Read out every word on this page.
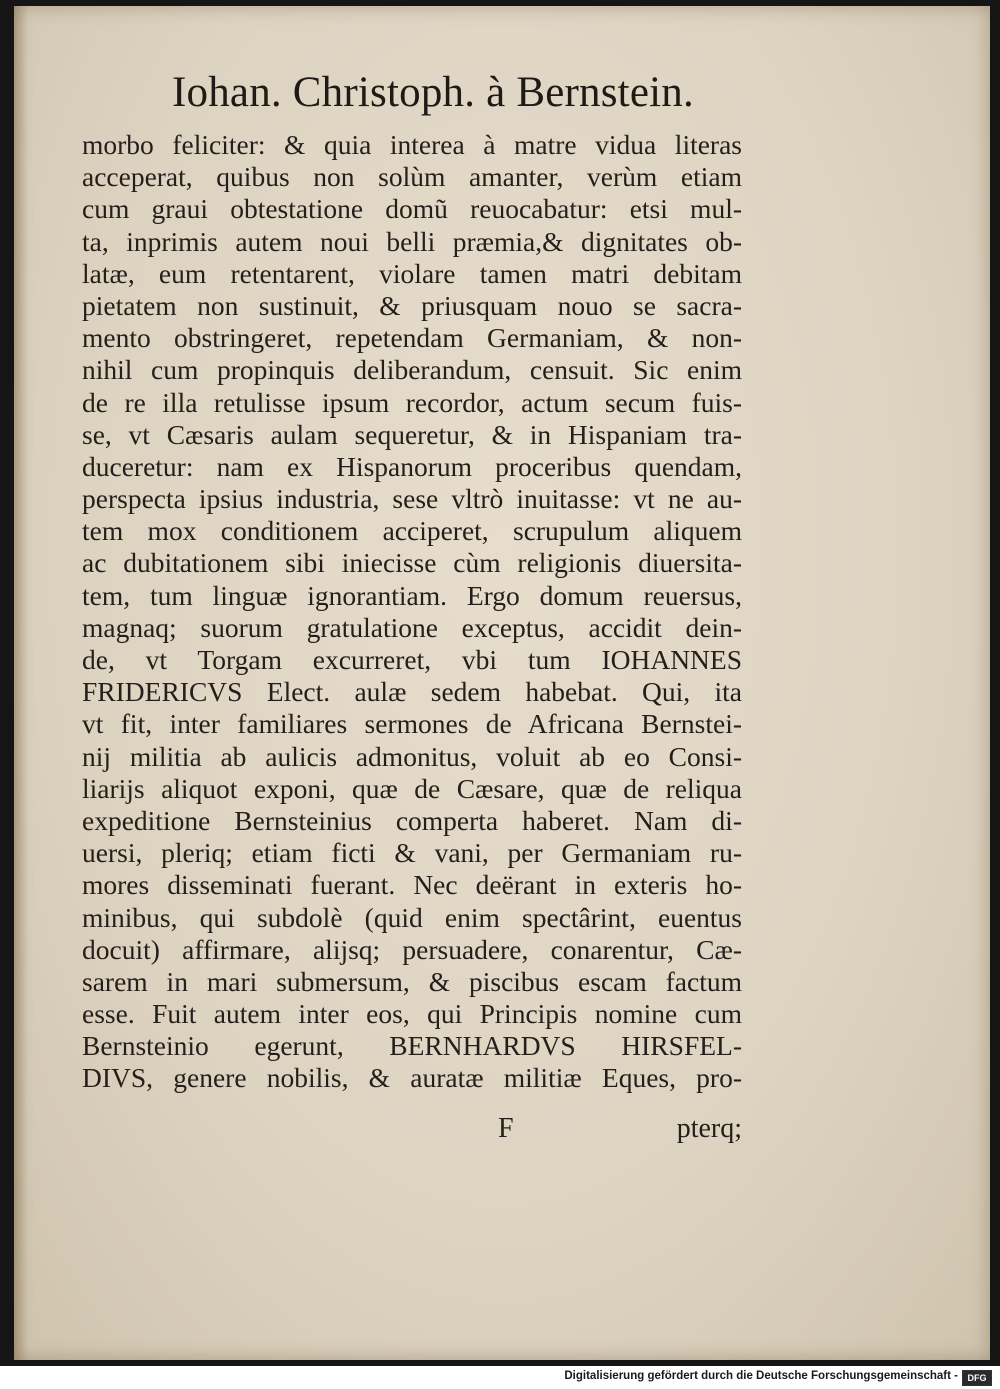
Iohan. Christoph. à Bernstein.
morbo feliciter: & quia interea à matre vidua literas
acceperat, quibus non solùm amanter, verùm etiam
cum graui obtestatione domũ reuocabatur: etsi mul-
ta, inprimis autem noui belli præmia,& dignitates ob-
latæ, eum retentarent, violare tamen matri debitam
pietatem non sustinuit, & priusquam nouo se sacra-
mento obstringeret, repetendam Germaniam, & non-
nihil cum propinquis deliberandum, censuit. Sic enim
de re illa retulisse ipsum recordor, actum secum fuis-
se, vt Cæsaris aulam sequeretur, & in Hispaniam tra-
duceretur: nam ex Hispanorum proceribus quendam,
perspecta ipsius industria, sese vltrò inuitasse: vt ne au-
tem mox conditionem acciperet, scrupulum aliquem
ac dubitationem sibi iniecisse cùm religionis diuersita-
tem, tum linguæ ignorantiam. Ergo domum reuersus,
magnaq; suorum gratulatione exceptus, accidit dein-
de, vt Torgam excurreret, vbi tum IOHANNES
FRIDERICVS Elect. aulæ sedem habebat. Qui, ita
vt fit, inter familiares sermones de Africana Bernstei-
nij militia ab aulicis admonitus, voluit ab eo Consi-
liarijs aliquot exponi, quæ de Cæsare, quæ de reliqua
expeditione Bernsteinius comperta haberet. Nam di-
uersi, pleriq; etiam ficti & vani, per Germaniam ru-
mores disseminati fuerant. Nec deërant in exteris ho-
minibus, qui subdolè (quid enim spectârint, euentus
docuit) affirmare, alijsq; persuadere, conarentur, Cæ-
sarem in mari submersum, & piscibus escam factum
esse. Fuit autem inter eos, qui Principis nomine cum
Bernsteinio egerunt, BERNHARDVS HIRSFEL-
DIVS, genere nobilis, & auratæ militiæ Eques, pro-
F	pterq;
Digitalisierung gefördert durch die Deutsche Forschungsgemeinschaft -	DFG
